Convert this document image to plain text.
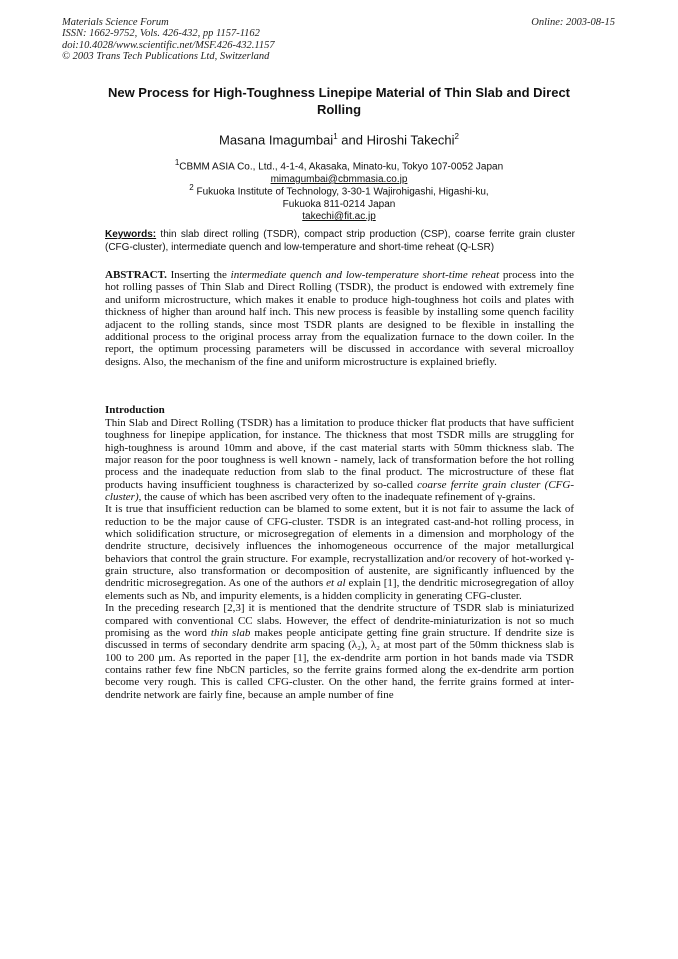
Materials Science Forum
ISSN: 1662-9752, Vols. 426-432, pp 1157-1162
doi:10.4028/www.scientific.net/MSF.426-432.1157
© 2003 Trans Tech Publications Ltd, Switzerland
Online: 2003-08-15
New Process for High-Toughness Linepipe Material of Thin Slab and Direct Rolling
Masana Imagumbai$^1$ and Hiroshi Takechi$^2$
$^1$CBMM ASIA Co., Ltd., 4-1-4, Akasaka, Minato-ku, Tokyo 107-0052 Japan
mimagumbai@cbmmasia.co.jp
$^2$ Fukuoka Institute of Technology, 3-30-1 Wajirohigashi, Higashi-ku,
Fukuoka 811-0214 Japan
takechi@fit.ac.jp
Keywords: thin slab direct rolling (TSDR), compact strip production (CSP), coarse ferrite grain cluster (CFG-cluster), intermediate quench and low-temperature and short-time reheat (Q-LSR)
ABSTRACT. Inserting the intermediate quench and low-temperature short-time reheat process into the hot rolling passes of Thin Slab and Direct Rolling (TSDR), the product is endowed with extremely fine and uniform microstructure, which makes it enable to produce high-toughness hot coils and plates with thickness of higher than around half inch. This new process is feasible by installing some quench facility adjacent to the rolling stands, since most TSDR plants are designed to be flexible in installing the additional process to the original process array from the equalization furnace to the down coiler. In the report, the optimum processing parameters will be discussed in accordance with several microalloy designs. Also, the mechanism of the fine and uniform microstructure is explained briefly.
Introduction

Thin Slab and Direct Rolling (TSDR) has a limitation to produce thicker flat products that have sufficient toughness for linepipe application, for instance. The thickness that most TSDR mills are struggling for high-toughness is around 10mm and above, if the cast material starts with 50mm thickness slab. The major reason for the poor toughness is well known - namely, lack of transformation before the hot rolling process and the inadequate reduction from slab to the final product. The microstructure of these flat products having insufficient toughness is characterized by so-called coarse ferrite grain cluster (CFG-cluster), the cause of which has been ascribed very often to the inadequate refinement of γ-grains.

It is true that insufficient reduction can be blamed to some extent, but it is not fair to assume the lack of reduction to be the major cause of CFG-cluster. TSDR is an integrated cast-and-hot rolling process, in which solidification structure, or microsegregation of elements in a dimension and morphology of the dendrite structure, decisively influences the inhomogeneous occurrence of the major metallurgical behaviors that control the grain structure. For example, recrystallization and/or recovery of hot-worked γ-grain structure, also transformation or decomposition of austenite, are significantly influenced by the dendritic microsegregation. As one of the authors et al explain [1], the dendritic microsegregation of alloy elements such as Nb, and impurity elements, is a hidden complicity in generating CFG-cluster.

In the preceding research [2,3] it is mentioned that the dendrite structure of TSDR slab is miniaturized compared with conventional CC slabs. However, the effect of dendrite-miniaturization is not so much promising as the word thin slab makes people anticipate getting fine grain structure. If dendrite size is discussed in terms of secondary dendrite arm spacing (λ₂), λ₂ at most part of the 50mm thickness slab is 100 to 200 μm. As reported in the paper [1], the ex-dendrite arm portion in hot bands made via TSDR contains rather few fine NbCN particles, so the ferrite grains formed along the ex-dendrite arm portion become very rough. This is called CFG-cluster. On the other hand, the ferrite grains formed at inter-dendrite network are fairly fine, because an ample number of fine
